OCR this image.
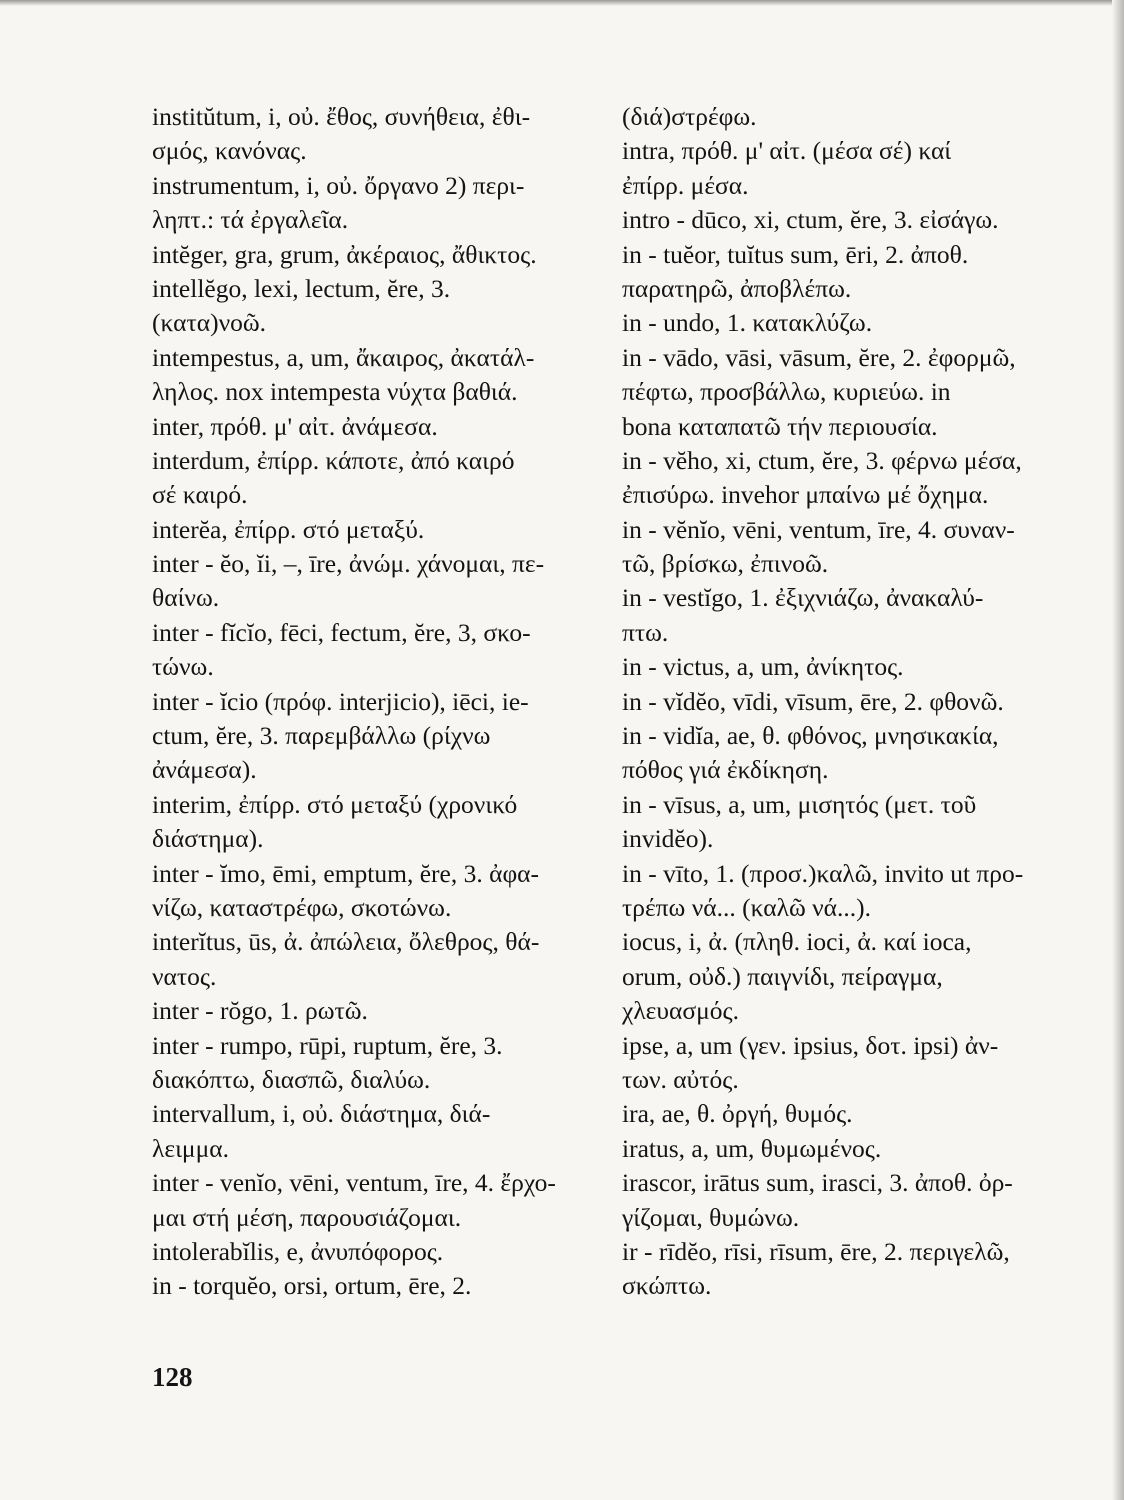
institŭtum, i, οὐ. ἔθος, συνήθεια, ἐθι-
σμός, κανόνας.
instrumentum, i, οὐ. ὄργανο 2) περι-
ληπτ.: τά ἐργαλεῖα.
intĕger, gra, grum, ἀκέραιος, ἄθικτος.
intellĕgo, lexi, lectum, ĕre, 3.
(κατα)νοῶ.
intempestus, a, um, ἄκαιρος, ἀκατάλ-
ληλος. nox intempesta νύχτα βαθιά.
inter, πρόθ. μ' αἰτ. ἀνάμεσα.
interdum, ἐπίρρ. κάποτε, ἀπό καιρό
σέ καιρό.
interĕa, ἐπίρρ. στό μεταξύ.
inter - ĕo, ĭi, –, īre, ἀνώμ. χάνομαι, πε-
θαίνω.
inter - fĭcĭo, fēci, fectum, ĕre, 3, σκο-
τώνω.
inter - ĭcio (πρόφ. interjicio), iēci, ie-
ctum, ĕre, 3. παρεμβάλλω (ρίχνω
ἀνάμεσα).
interim, ἐπίρρ. στό μεταξύ (χρονικό
διάστημα).
inter - ĭmo, ēmi, emptum, ĕre, 3. ἀφα-
νίζω, καταστρέφω, σκοτώνω.
interĭtus, ūs, ἀ. ἀπώλεια, ὄλεθρος, θά-
νατος.
inter - rŏgo, 1. ρωτῶ.
inter - rumpo, rūpi, ruptum, ĕre, 3.
διακόπτω, διασπῶ, διαλύω.
intervallum, i, οὐ. διάστημα, διά-
λειμμα.
inter - venĭo, vēni, ventum, īre, 4. ἔρχο-
μαι στή μέση, παρουσιάζομαι.
intolerabĭlis, e, ἀνυπόφορος.
in - torquĕo, orsi, ortum, ēre, 2.
(διά)στρέφω.
intra, πρόθ. μ' αἰτ. (μέσα σέ) καί
ἐπίρρ. μέσα.
intro - dūco, xi, ctum, ĕre, 3. εἰσάγω.
in - tuĕor, tuĭtus sum, ēri, 2. ἀποθ.
παρατηρῶ, ἀποβλέπω.
in - undo, 1. κατακλύζω.
in - vādo, vāsi, vāsum, ĕre, 2. ἐφορμῶ,
πέφτω, προσβάλλω, κυριεύω. in
bona καταπατῶ τήν περιουσία.
in - vĕho, xi, ctum, ĕre, 3. φέρνω μέσα,
ἐπισύρω. invehor μπαίνω μέ ὄχημα.
in - vĕnĭo, vēni, ventum, īre, 4. συναν-
τῶ, βρίσκω, ἐπινοῶ.
in - vestĭgo, 1. ἐξιχνιάζω, ἀνακαλύ-
πτω.
in - victus, a, um, ἀνίκητος.
in - vĭdĕo, vīdi, vīsum, ēre, 2. φθονῶ.
in - vidĭa, ae, θ. φθόνος, μνησικακία,
πόθος γιά ἐκδίκηση.
in - vīsus, a, um, μισητός (μετ. τοῦ
invidĕo).
in - vīto, 1. (προσ.)καλῶ, invito ut προ-
τρέπω νά... (καλῶ νά...).
iocus, i, ἀ. (πληθ. ioci, ἀ. καί ioca,
orum, οὐδ.) παιγνίδι, πείραγμα,
χλευασμός.
ipse, a, um (γεν. ipsius, δοτ. ipsi) ἀν-
των. αὐτός.
ira, ae, θ. ὀργή, θυμός.
iratus, a, um, θυμωμένος.
irascor, irātus sum, irasci, 3. ἀποθ. ὀρ-
γίζομαι, θυμώνω.
ir - rīdĕo, rīsi, rīsum, ēre, 2. περιγελῶ,
σκώπτω.
128
